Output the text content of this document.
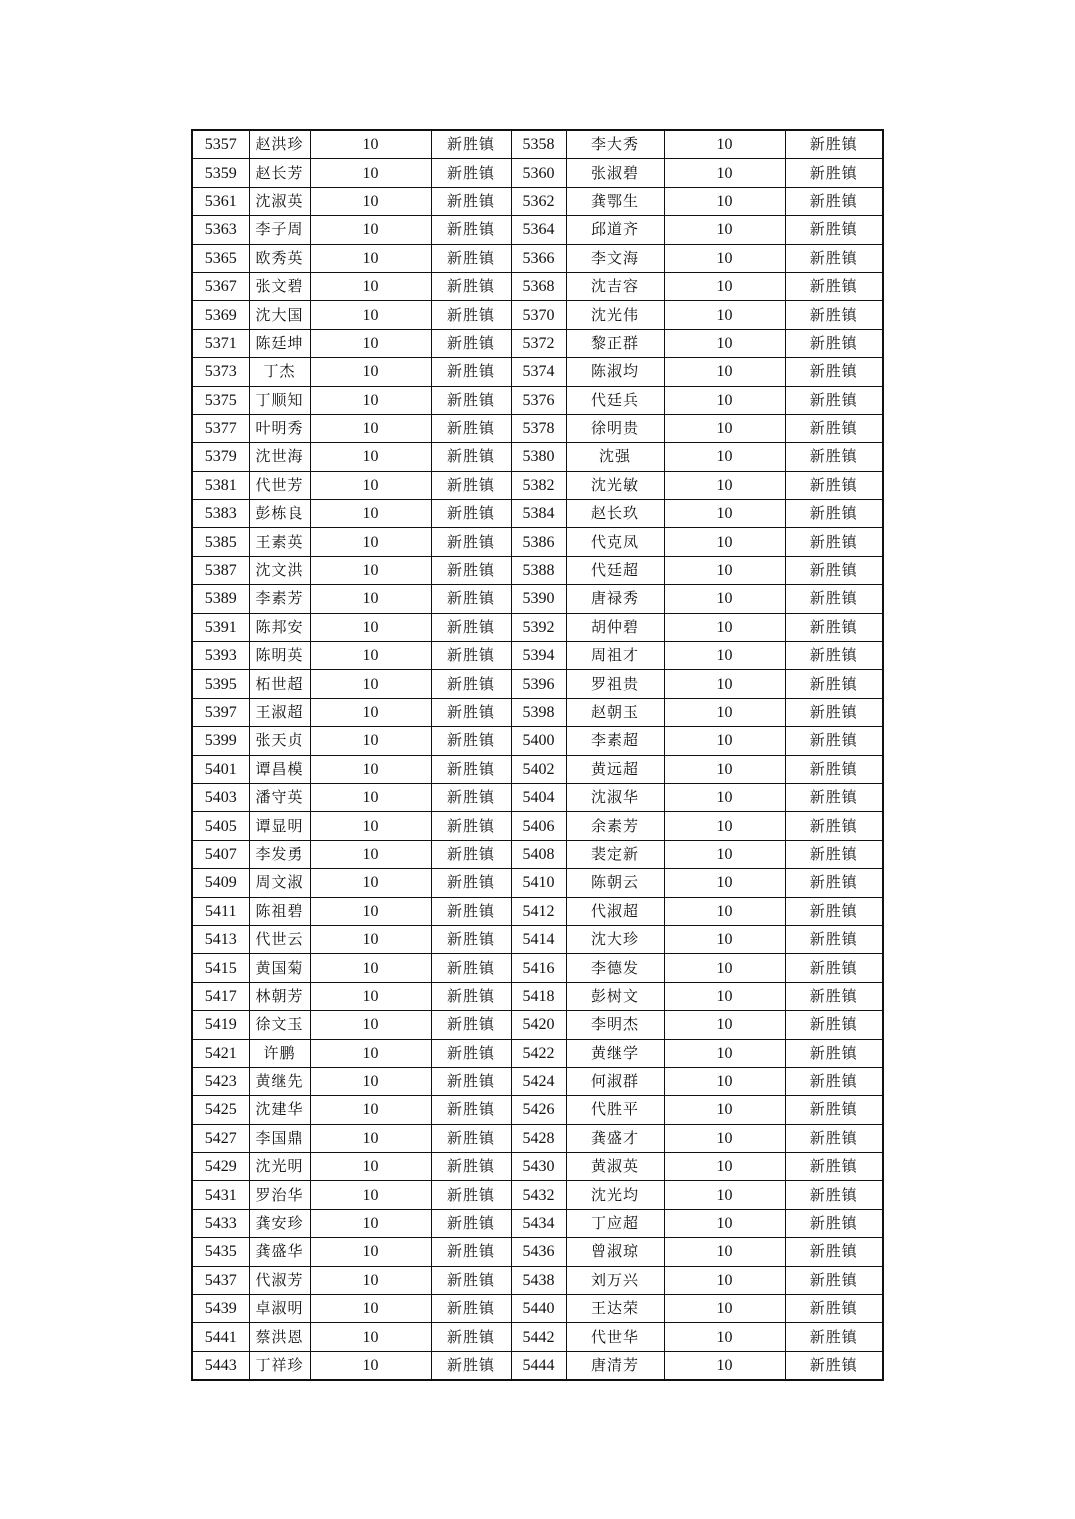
5357	赵洪珍	10	新胜镇	5358	李大秀	10	新胜镇
5359	赵长芳	10	新胜镇	5360	张淑碧	10	新胜镇
5361	沈淑英	10	新胜镇	5362	龚鄂生	10	新胜镇
5363	李子周	10	新胜镇	5364	邱道齐	10	新胜镇
5365	欧秀英	10	新胜镇	5366	李文海	10	新胜镇
5367	张文碧	10	新胜镇	5368	沈吉容	10	新胜镇
5369	沈大国	10	新胜镇	5370	沈光伟	10	新胜镇
5371	陈廷坤	10	新胜镇	5372	黎正群	10	新胜镇
5373	丁杰	10	新胜镇	5374	陈淑均	10	新胜镇
5375	丁顺知	10	新胜镇	5376	代廷兵	10	新胜镇
5377	叶明秀	10	新胜镇	5378	徐明贵	10	新胜镇
5379	沈世海	10	新胜镇	5380	沈强	10	新胜镇
5381	代世芳	10	新胜镇	5382	沈光敏	10	新胜镇
5383	彭栋良	10	新胜镇	5384	赵长玖	10	新胜镇
5385	王素英	10	新胜镇	5386	代克凤	10	新胜镇
5387	沈文洪	10	新胜镇	5388	代廷超	10	新胜镇
5389	李素芳	10	新胜镇	5390	唐禄秀	10	新胜镇
5391	陈邦安	10	新胜镇	5392	胡仲碧	10	新胜镇
5393	陈明英	10	新胜镇	5394	周祖才	10	新胜镇
5395	柘世超	10	新胜镇	5396	罗祖贵	10	新胜镇
5397	王淑超	10	新胜镇	5398	赵朝玉	10	新胜镇
5399	张天贞	10	新胜镇	5400	李素超	10	新胜镇
5401	谭昌模	10	新胜镇	5402	黄远超	10	新胜镇
5403	潘守英	10	新胜镇	5404	沈淑华	10	新胜镇
5405	谭显明	10	新胜镇	5406	余素芳	10	新胜镇
5407	李发勇	10	新胜镇	5408	裴定新	10	新胜镇
5409	周文淑	10	新胜镇	5410	陈朝云	10	新胜镇
5411	陈祖碧	10	新胜镇	5412	代淑超	10	新胜镇
5413	代世云	10	新胜镇	5414	沈大珍	10	新胜镇
5415	黄国菊	10	新胜镇	5416	李德发	10	新胜镇
5417	林朝芳	10	新胜镇	5418	彭树文	10	新胜镇
5419	徐文玉	10	新胜镇	5420	李明杰	10	新胜镇
5421	许鹏	10	新胜镇	5422	黄继学	10	新胜镇
5423	黄继先	10	新胜镇	5424	何淑群	10	新胜镇
5425	沈建华	10	新胜镇	5426	代胜平	10	新胜镇
5427	李国鼎	10	新胜镇	5428	龚盛才	10	新胜镇
5429	沈光明	10	新胜镇	5430	黄淑英	10	新胜镇
5431	罗治华	10	新胜镇	5432	沈光均	10	新胜镇
5433	龚安珍	10	新胜镇	5434	丁应超	10	新胜镇
5435	龚盛华	10	新胜镇	5436	曾淑琼	10	新胜镇
5437	代淑芳	10	新胜镇	5438	刘万兴	10	新胜镇
5439	卓淑明	10	新胜镇	5440	王达荣	10	新胜镇
5441	蔡洪恩	10	新胜镇	5442	代世华	10	新胜镇
5443	丁祥珍	10	新胜镇	5444	唐清芳	10	新胜镇
